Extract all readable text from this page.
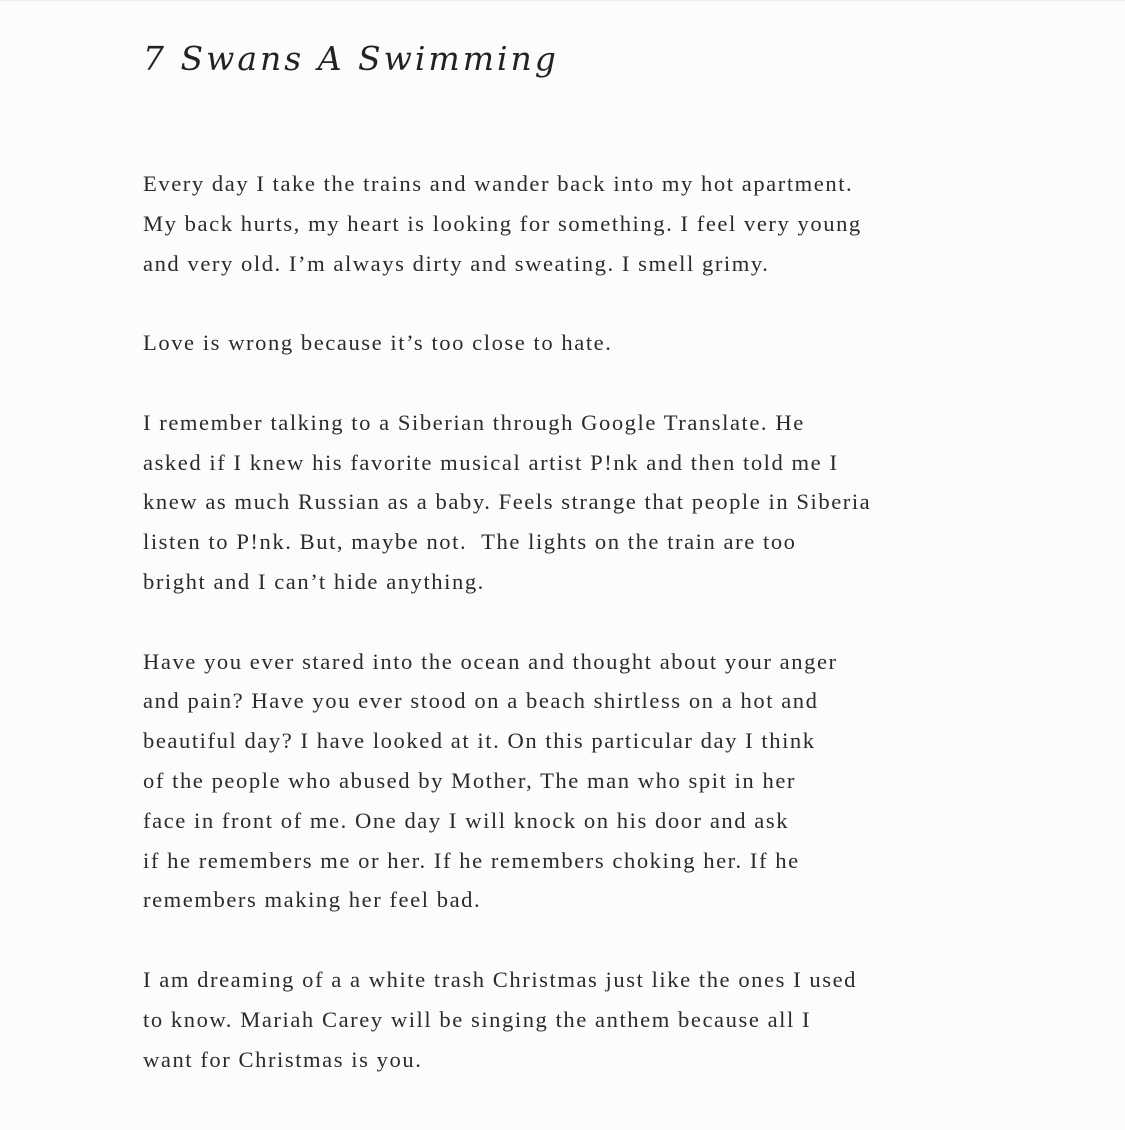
7 Swans A Swimming

Every day I take the trains and wander back into my hot apartment.
My back hurts, my heart is looking for something. I feel very young
and very old. I’m always dirty and sweating. I smell grimy.

Love is wrong because it’s too close to hate.

I remember talking to a Siberian through Google Translate. He
asked if I knew his favorite musical artist P!nk and then told me I
knew as much Russian as a baby. Feels strange that people in Siberia
listen to P!nk. But, maybe not.  The lights on the train are too
bright and I can’t hide anything.

Have you ever stared into the ocean and thought about your anger
and pain? Have you ever stood on a beach shirtless on a hot and
beautiful day? I have looked at it. On this particular day I think
of the people who abused by Mother, The man who spit in her
face in front of me. One day I will knock on his door and ask
if he remembers me or her. If he remembers choking her. If he
remembers making her feel bad.

I am dreaming of a a white trash Christmas just like the ones I used
to know. Mariah Carey will be singing the anthem because all I
want for Christmas is you.
